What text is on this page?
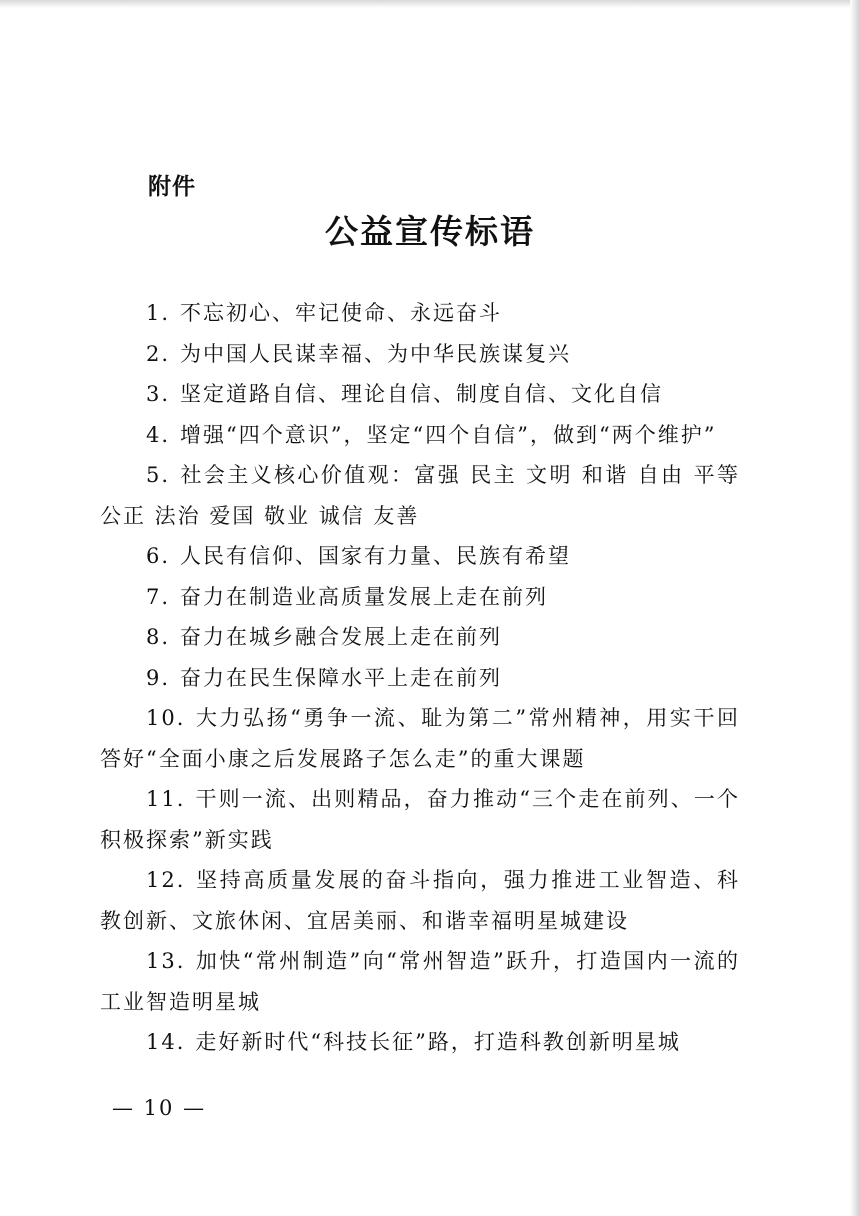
附件
公益宣传标语
1. 不忘初心、牢记使命、永远奋斗
2. 为中国人民谋幸福、为中华民族谋复兴
3. 坚定道路自信、理论自信、制度自信、文化自信
4. 增强“四个意识”，坚定“四个自信”，做到“两个维护”
5. 社会主义核心价值观：富强 民主 文明 和谐 自由 平等 公正 法治 爱国 敬业 诚信 友善
6. 人民有信仰、国家有力量、民族有希望
7. 奋力在制造业高质量发展上走在前列
8. 奋力在城乡融合发展上走在前列
9. 奋力在民生保障水平上走在前列
10. 大力弘扬“勇争一流、耻为第二”常州精神，用实干回答好“全面小康之后发展路子怎么走”的重大课题
11. 干则一流、出则精品，奋力推动“三个走在前列、一个积极探索”新实践
12. 坚持高质量发展的奋斗指向，强力推进工业智造、科教创新、文旅休闲、宜居美丽、和谐幸福明星城建设
13. 加快“常州制造”向“常州智造”跃升，打造国内一流的工业智造明星城
14. 走好新时代“科技长征”路，打造科教创新明星城
— 10 —
